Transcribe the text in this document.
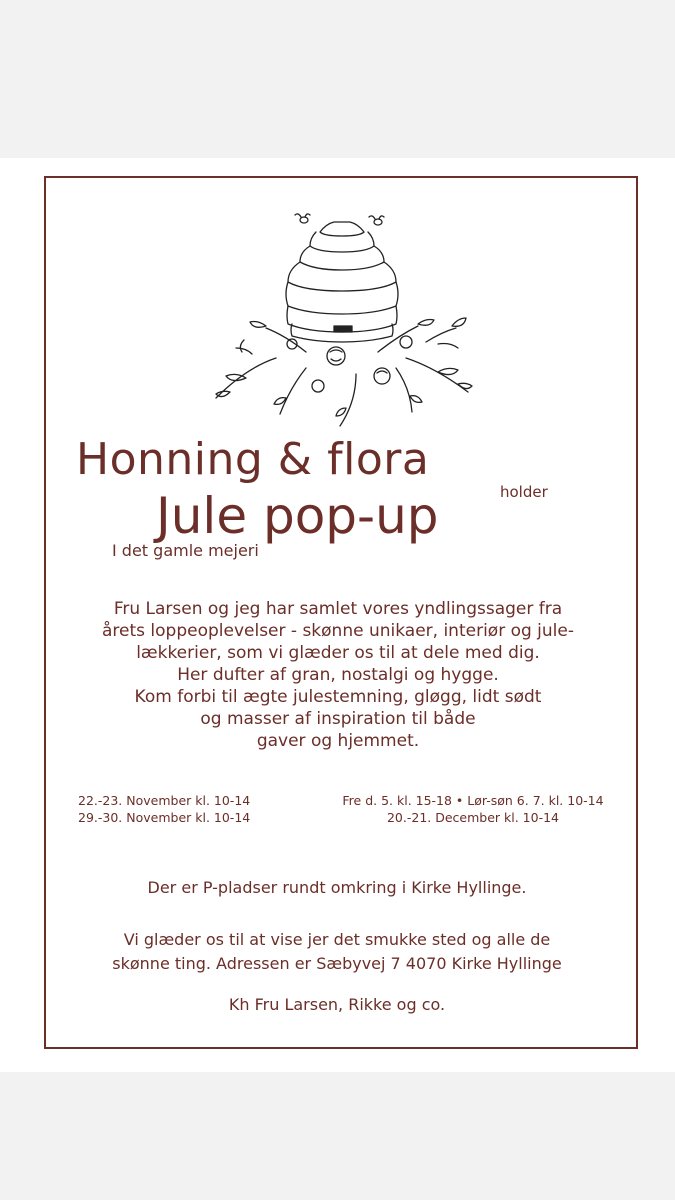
Honning & flora
holder
Jule pop-up
I det gamle mejeri
Fru Larsen og jeg har samlet vores yndlingssager fra
årets loppeoplevelser - skønne unikaer, interiør og jule-
lækkerier, som vi glæder os til at dele med dig.
Her dufter af gran, nostalgi og hygge.
Kom forbi til ægte julestemning, gløgg, lidt sødt
og masser af inspiration til både
gaver og hjemmet.
22.-23. November kl. 10-14
29.-30. November kl. 10-14
Fre d. 5. kl. 15-18 • Lør-søn 6. 7. kl. 10-14
20.-21. December kl. 10-14
Der er P-pladser rundt omkring i Kirke Hyllinge.
Vi glæder os til at vise jer det smukke sted og alle de
skønne ting. Adressen er Sæbyvej 7 4070 Kirke Hyllinge
Kh Fru Larsen, Rikke og co.
